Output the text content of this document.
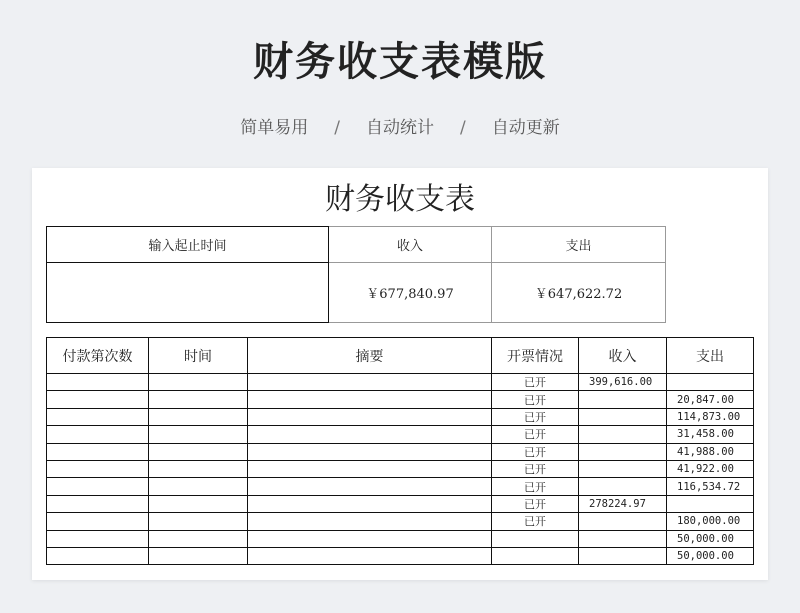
财务收支表模版
简单易用 / 自动统计 / 自动更新
财务收支表
输入起止时间	收入	支出
	￥677,840.97	￥647,622.72
付款第次数	时间	摘要	开票情况	收入	支出
			已开	399,616.00	
			已开		20,847.00
			已开		114,873.00
			已开		31,458.00
			已开		41,988.00
			已开		41,922.00
			已开		116,534.72
			已开	278224.97	
			已开		180,000.00
					50,000.00
					50,000.00
